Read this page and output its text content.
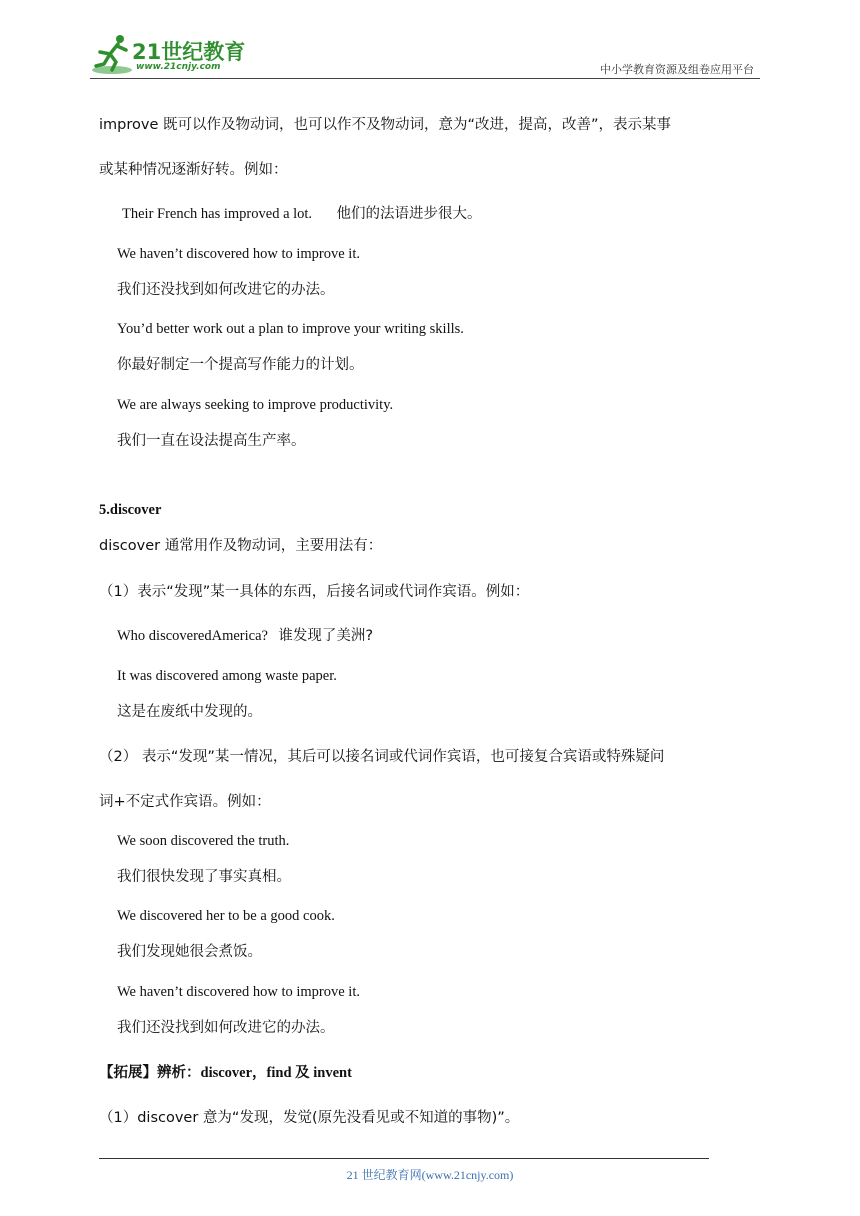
21世纪教育
www.21cnjy.com	中小学教育资源及组卷应用平台
improve 既可以作及物动词，也可以作不及物动词，意为“改进，提高，改善”，表示某事
或某种情况逐渐好转。例如：
Their French has improved a lot. 他们的法语进步很大。
We haven’t discovered how to improve it.
我们还没找到如何改进它的办法。
You’d better work out a plan to improve your writing skills.
你最好制定一个提高写作能力的计划。
We are always seeking to improve productivity.
我们一直在设法提高生产率。
5.discover
discover 通常用作及物动词，主要用法有：
（1）表示“发现”某一具体的东西，后接名词或代词作宾语。例如：
Who discoveredAmerica? 谁发现了美洲?
It was discovered among waste paper.
这是在废纸中发现的。
（2） 表示“发现”某一情况，其后可以接名词或代词作宾语，也可接复合宾语或特殊疑问
词+不定式作宾语。例如：
We soon discovered the truth.
我们很快发现了事实真相。
We discovered her to be a good cook.
我们发现她很会煮饭。
We haven’t discovered how to improve it.
我们还没找到如何改进它的办法。
【拓展】辨析：discover，find 及 invent
（1）discover 意为“发现，发觉(原先没看见或不知道的事物)”。
21 世纪教育网(www.21cnjy.com)
